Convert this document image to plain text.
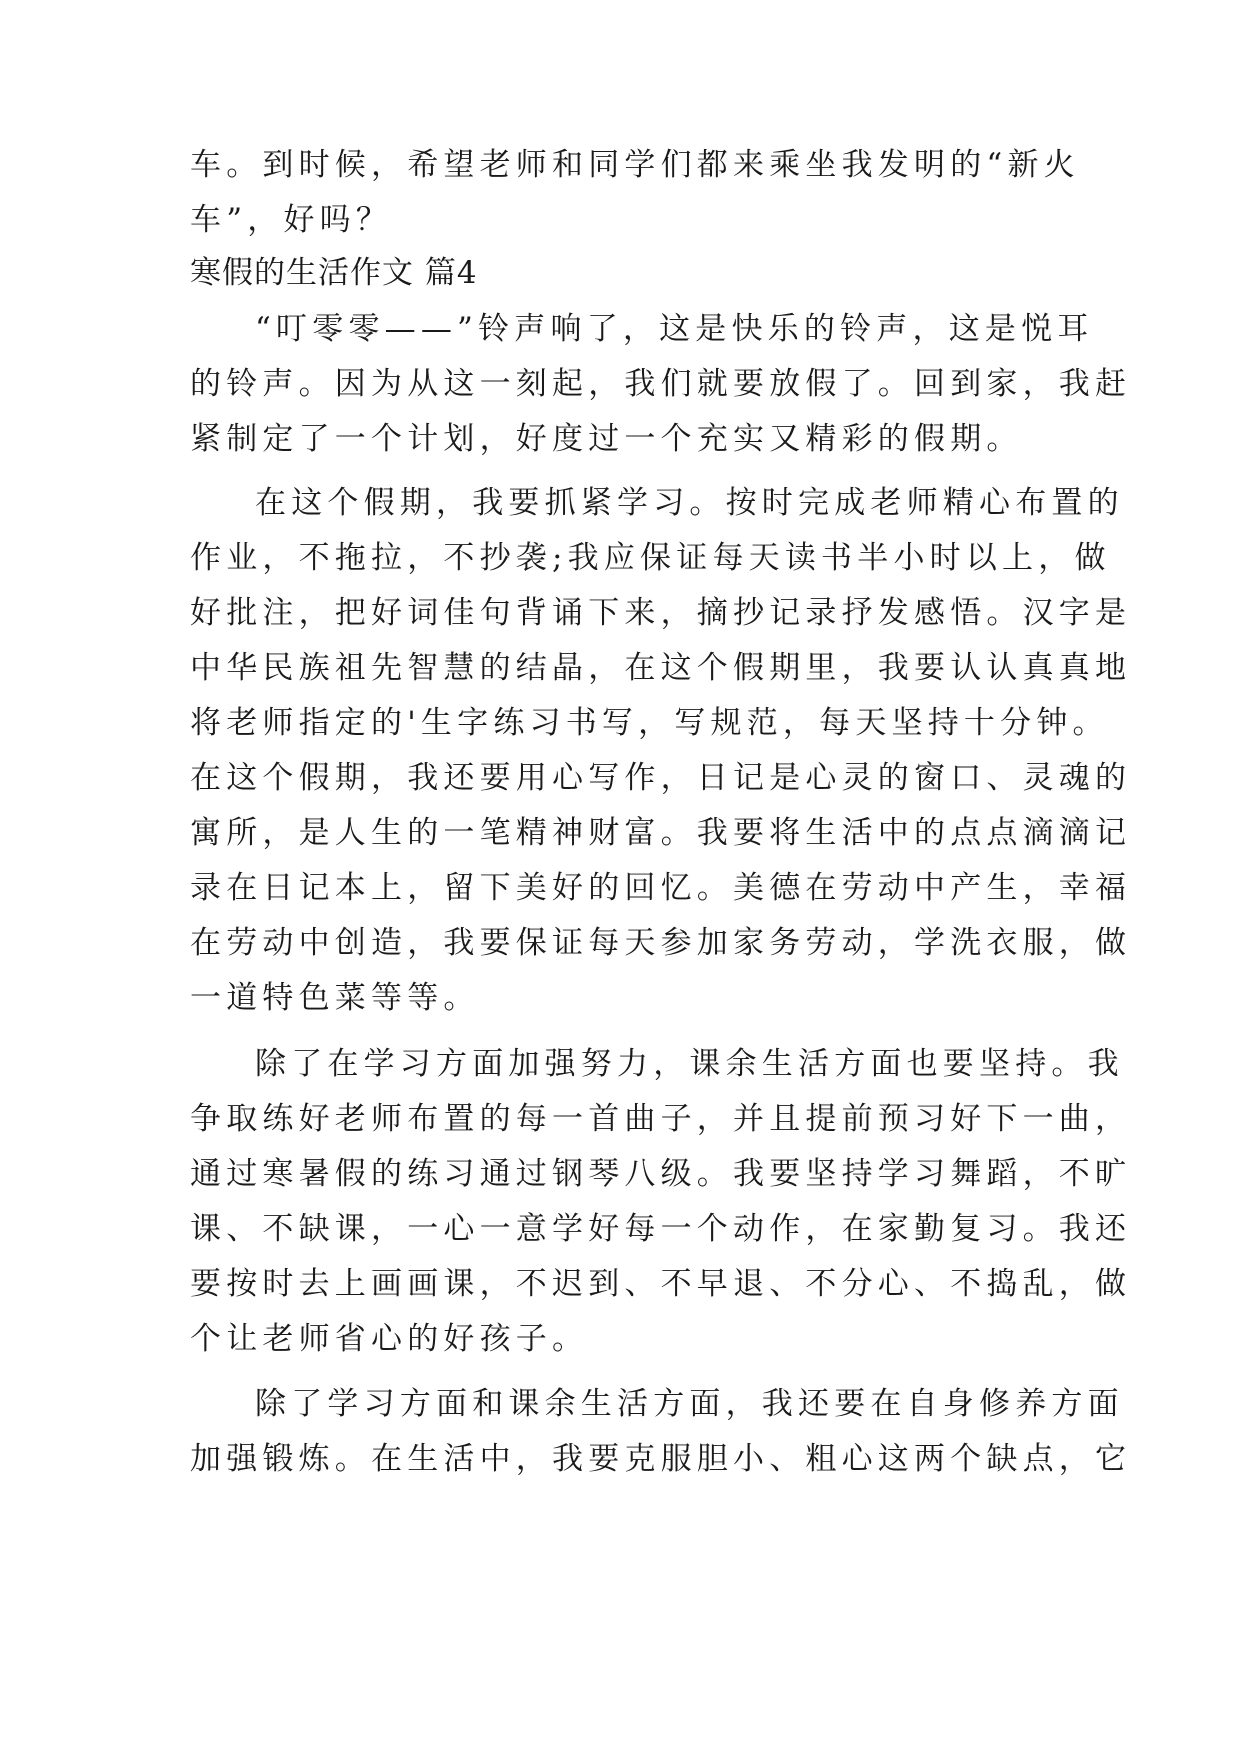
车。到时候，希望老师和同学们都来乘坐我发明的“新火
车”，好吗？
寒假的生活作文 篇4
“叮零零——”铃声响了，这是快乐的铃声，这是悦耳
的铃声。因为从这一刻起，我们就要放假了。回到家，我赶
紧制定了一个计划，好度过一个充实又精彩的假期。
在这个假期，我要抓紧学习。按时完成老师精心布置的
作业，不拖拉，不抄袭;我应保证每天读书半小时以上，做
好批注，把好词佳句背诵下来，摘抄记录抒发感悟。汉字是
中华民族祖先智慧的结晶，在这个假期里，我要认认真真地
将老师指定的'生字练习书写，写规范，每天坚持十分钟。
在这个假期，我还要用心写作，日记是心灵的窗口、灵魂的
寓所，是人生的一笔精神财富。我要将生活中的点点滴滴记
录在日记本上，留下美好的回忆。美德在劳动中产生，幸福
在劳动中创造，我要保证每天参加家务劳动，学洗衣服，做
一道特色菜等等。
除了在学习方面加强努力，课余生活方面也要坚持。我
争取练好老师布置的每一首曲子，并且提前预习好下一曲，
通过寒暑假的练习通过钢琴八级。我要坚持学习舞蹈，不旷
课、不缺课，一心一意学好每一个动作，在家勤复习。我还
要按时去上画画课，不迟到、不早退、不分心、不捣乱，做
个让老师省心的好孩子。
除了学习方面和课余生活方面，我还要在自身修养方面
加强锻炼。在生活中，我要克服胆小、粗心这两个缺点，它
